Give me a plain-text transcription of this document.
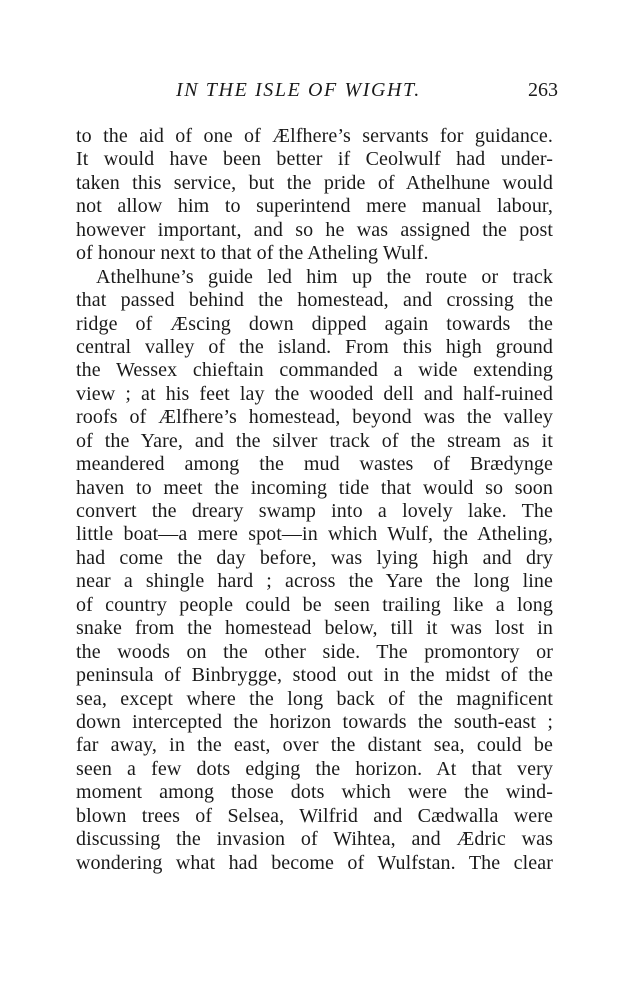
IN THE ISLE OF WIGHT.	263
to the aid of one of Ælfhere’s servants for guidance.
It would have been better if Ceolwulf had under-
taken this service, but the pride of Athelhune would
not allow him to superintend mere manual labour,
however important, and so he was assigned the post
of honour next to that of the Atheling Wulf.
Athelhune’s guide led him up the route or track
that passed behind the homestead, and crossing the
ridge of Æscing down dipped again towards the
central valley of the island. From this high ground
the Wessex chieftain commanded a wide extending
view ; at his feet lay the wooded dell and half-ruined
roofs of Ælfhere’s homestead, beyond was the valley
of the Yare, and the silver track of the stream as it
meandered among the mud wastes of Brædynge
haven to meet the incoming tide that would so soon
convert the dreary swamp into a lovely lake. The
little boat—a mere spot—in which Wulf, the Atheling,
had come the day before, was lying high and dry
near a shingle hard ; across the Yare the long line
of country people could be seen trailing like a long
snake from the homestead below, till it was lost in
the woods on the other side. The promontory or
peninsula of Binbrygge, stood out in the midst of the
sea, except where the long back of the magnificent
down intercepted the horizon towards the south-east ;
far away, in the east, over the distant sea, could be
seen a few dots edging the horizon. At that very
moment among those dots which were the wind-
blown trees of Selsea, Wilfrid and Cædwalla were
discussing the invasion of Wihtea, and Ædric was
wondering what had become of Wulfstan. The clear
